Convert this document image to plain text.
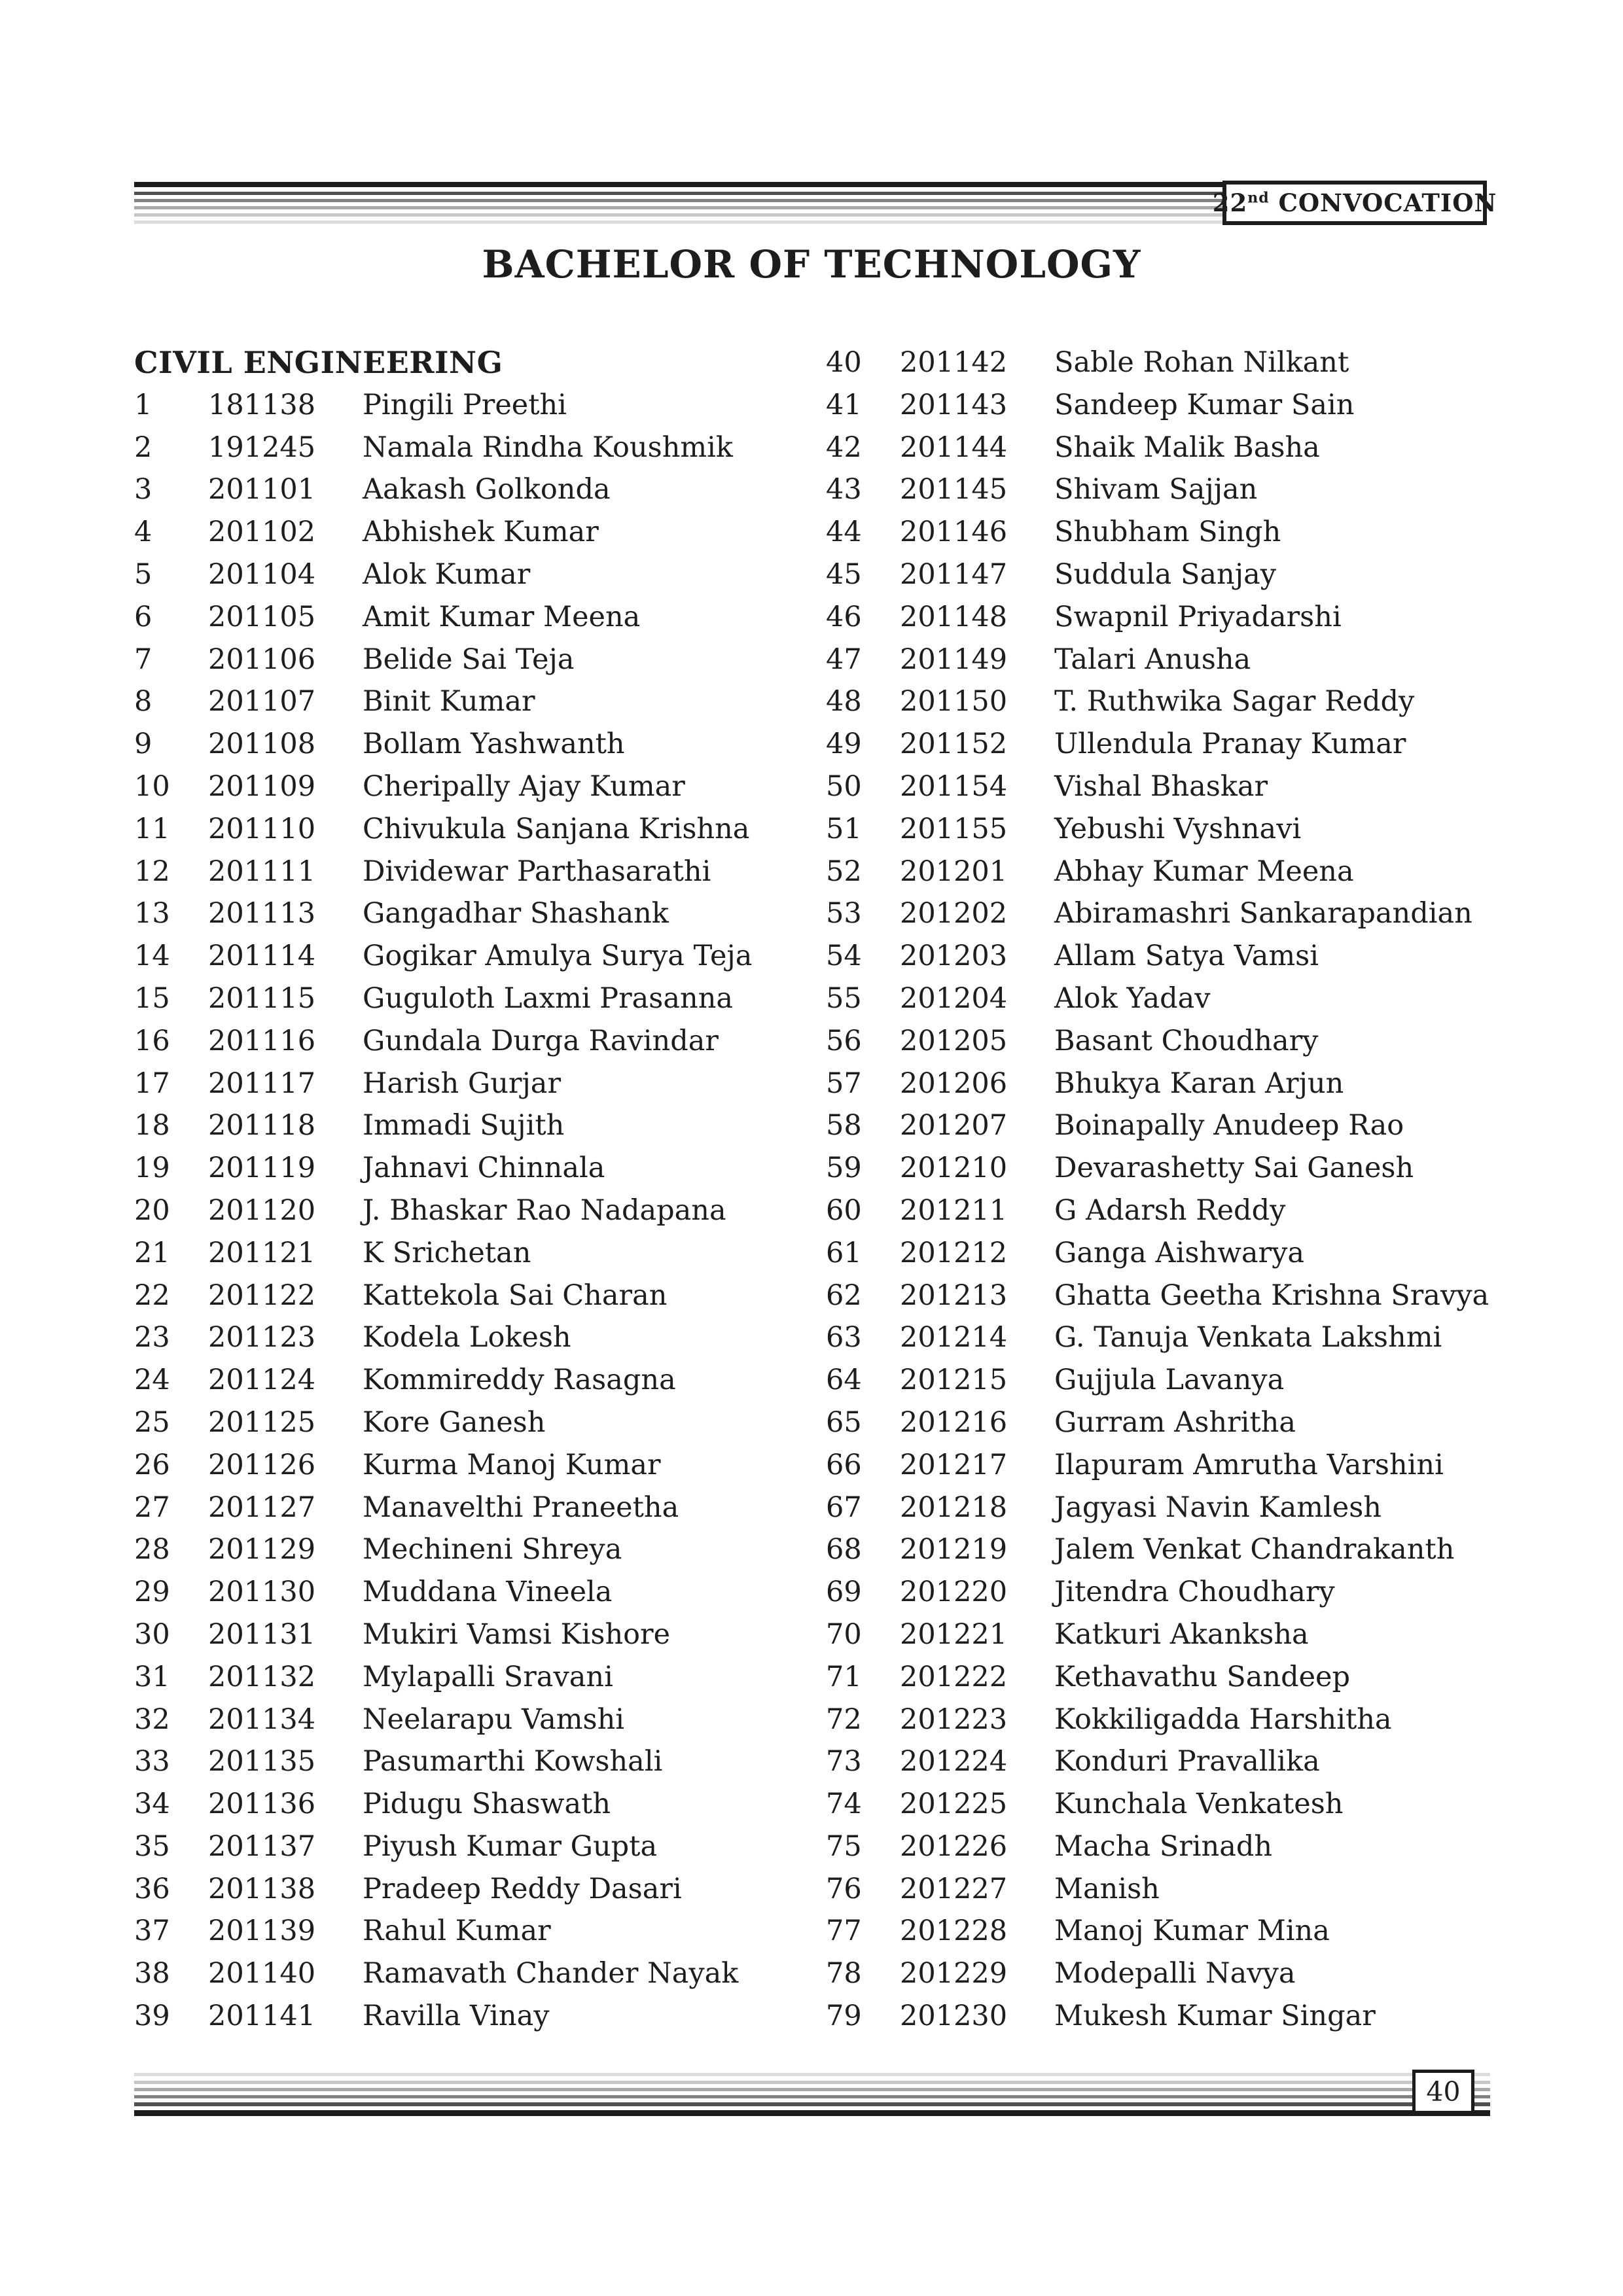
22nd CONVOCATION
BACHELOR OF TECHNOLOGY
CIVIL ENGINEERING
1	181138	Pingili Preethi
2	191245	Namala Rindha Koushmik
3	201101	Aakash Golkonda
4	201102	Abhishek Kumar
5	201104	Alok Kumar
6	201105	Amit Kumar Meena
7	201106	Belide Sai Teja
8	201107	Binit Kumar
9	201108	Bollam Yashwanth
10	201109	Cheripally Ajay Kumar
11	201110	Chivukula Sanjana Krishna
12	201111	Dividewar Parthasarathi
13	201113	Gangadhar Shashank
14	201114	Gogikar Amulya Surya Teja
15	201115	Guguloth Laxmi Prasanna
16	201116	Gundala Durga Ravindar
17	201117	Harish Gurjar
18	201118	Immadi Sujith
19	201119	Jahnavi Chinnala
20	201120	J. Bhaskar Rao Nadapana
21	201121	K Srichetan
22	201122	Kattekola Sai Charan
23	201123	Kodela Lokesh
24	201124	Kommireddy Rasagna
25	201125	Kore Ganesh
26	201126	Kurma Manoj Kumar
27	201127	Manavelthi Praneetha
28	201129	Mechineni Shreya
29	201130	Muddana Vineela
30	201131	Mukiri Vamsi Kishore
31	201132	Mylapalli Sravani
32	201134	Neelarapu Vamshi
33	201135	Pasumarthi Kowshali
34	201136	Pidugu Shaswath
35	201137	Piyush Kumar Gupta
36	201138	Pradeep Reddy Dasari
37	201139	Rahul Kumar
38	201140	Ramavath Chander Nayak
39	201141	Ravilla Vinay
40	201142	Sable Rohan Nilkant
41	201143	Sandeep Kumar Sain
42	201144	Shaik Malik Basha
43	201145	Shivam Sajjan
44	201146	Shubham Singh
45	201147	Suddula Sanjay
46	201148	Swapnil Priyadarshi
47	201149	Talari Anusha
48	201150	T. Ruthwika Sagar Reddy
49	201152	Ullendula Pranay Kumar
50	201154	Vishal Bhaskar
51	201155	Yebushi Vyshnavi
52	201201	Abhay Kumar Meena
53	201202	Abiramashri Sankarapandian
54	201203	Allam Satya Vamsi
55	201204	Alok Yadav
56	201205	Basant Choudhary
57	201206	Bhukya Karan Arjun
58	201207	Boinapally Anudeep Rao
59	201210	Devarashetty Sai Ganesh
60	201211	G Adarsh Reddy
61	201212	Ganga Aishwarya
62	201213	Ghatta Geetha Krishna Sravya
63	201214	G. Tanuja Venkata Lakshmi
64	201215	Gujjula Lavanya
65	201216	Gurram Ashritha
66	201217	Ilapuram Amrutha Varshini
67	201218	Jagyasi Navin Kamlesh
68	201219	Jalem Venkat Chandrakanth
69	201220	Jitendra Choudhary
70	201221	Katkuri Akanksha
71	201222	Kethavathu Sandeep
72	201223	Kokkiligadda Harshitha
73	201224	Konduri Pravallika
74	201225	Kunchala Venkatesh
75	201226	Macha Srinadh
76	201227	Manish
77	201228	Manoj Kumar Mina
78	201229	Modepalli Navya
79	201230	Mukesh Kumar Singar
40
